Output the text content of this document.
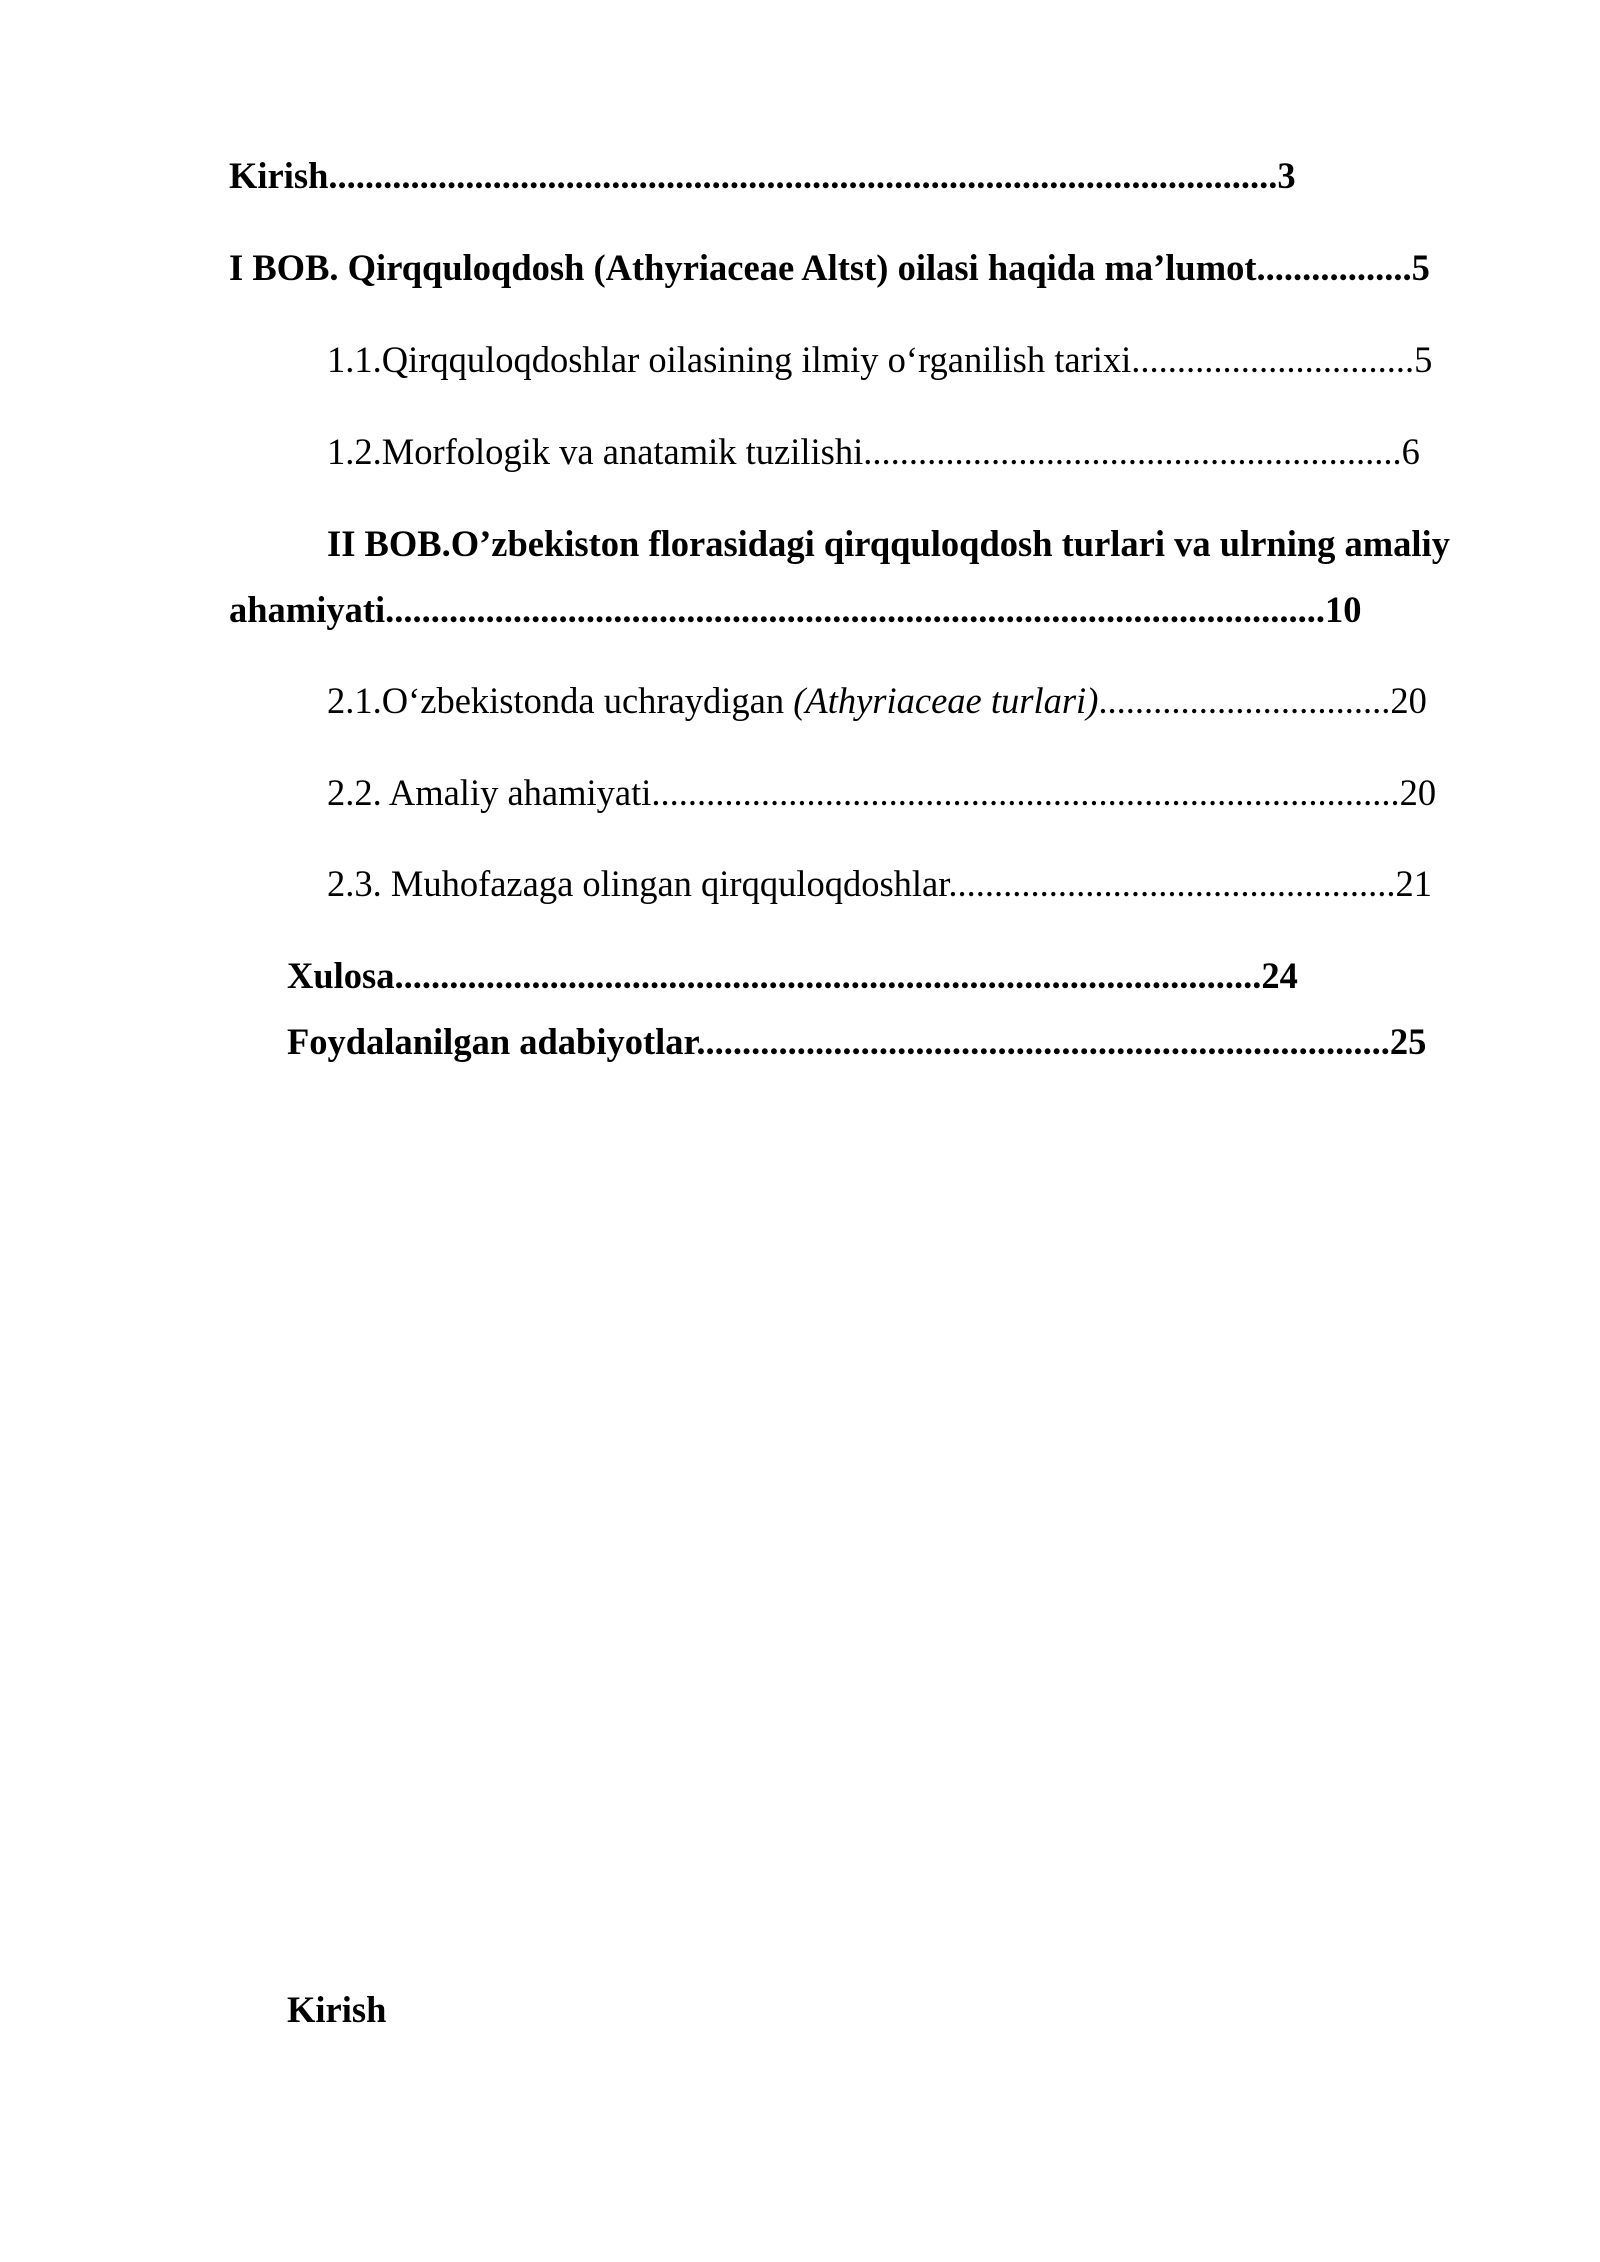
Kirish........................................................................................................3

I BOB. Qirqquloqdosh (Athyriaceae Altst) oilasi haqida ma’lumot.................5

1.1.Qirqquloqdoshlar oilasining ilmiy o‘rganilish tarixi...............................5

1.2.Morfologik va anatamik tuzilishi...........................................................6

II BOB.O’zbekiston florasidagi qirqquloqdosh turlari va ulrning amaliy

ahamiyati.......................................................................................................10

2.1.O‘zbekistonda uchraydigan (Athyriaceae turlari)................................20

2.2. Amaliy ahamiyati..................................................................................20

2.3. Muhofazaga olingan qirqquloqdoshlar.................................................21

Xulosa...............................................................................................24

Foydalanilgan adabiyotlar............................................................................25

Kirish
